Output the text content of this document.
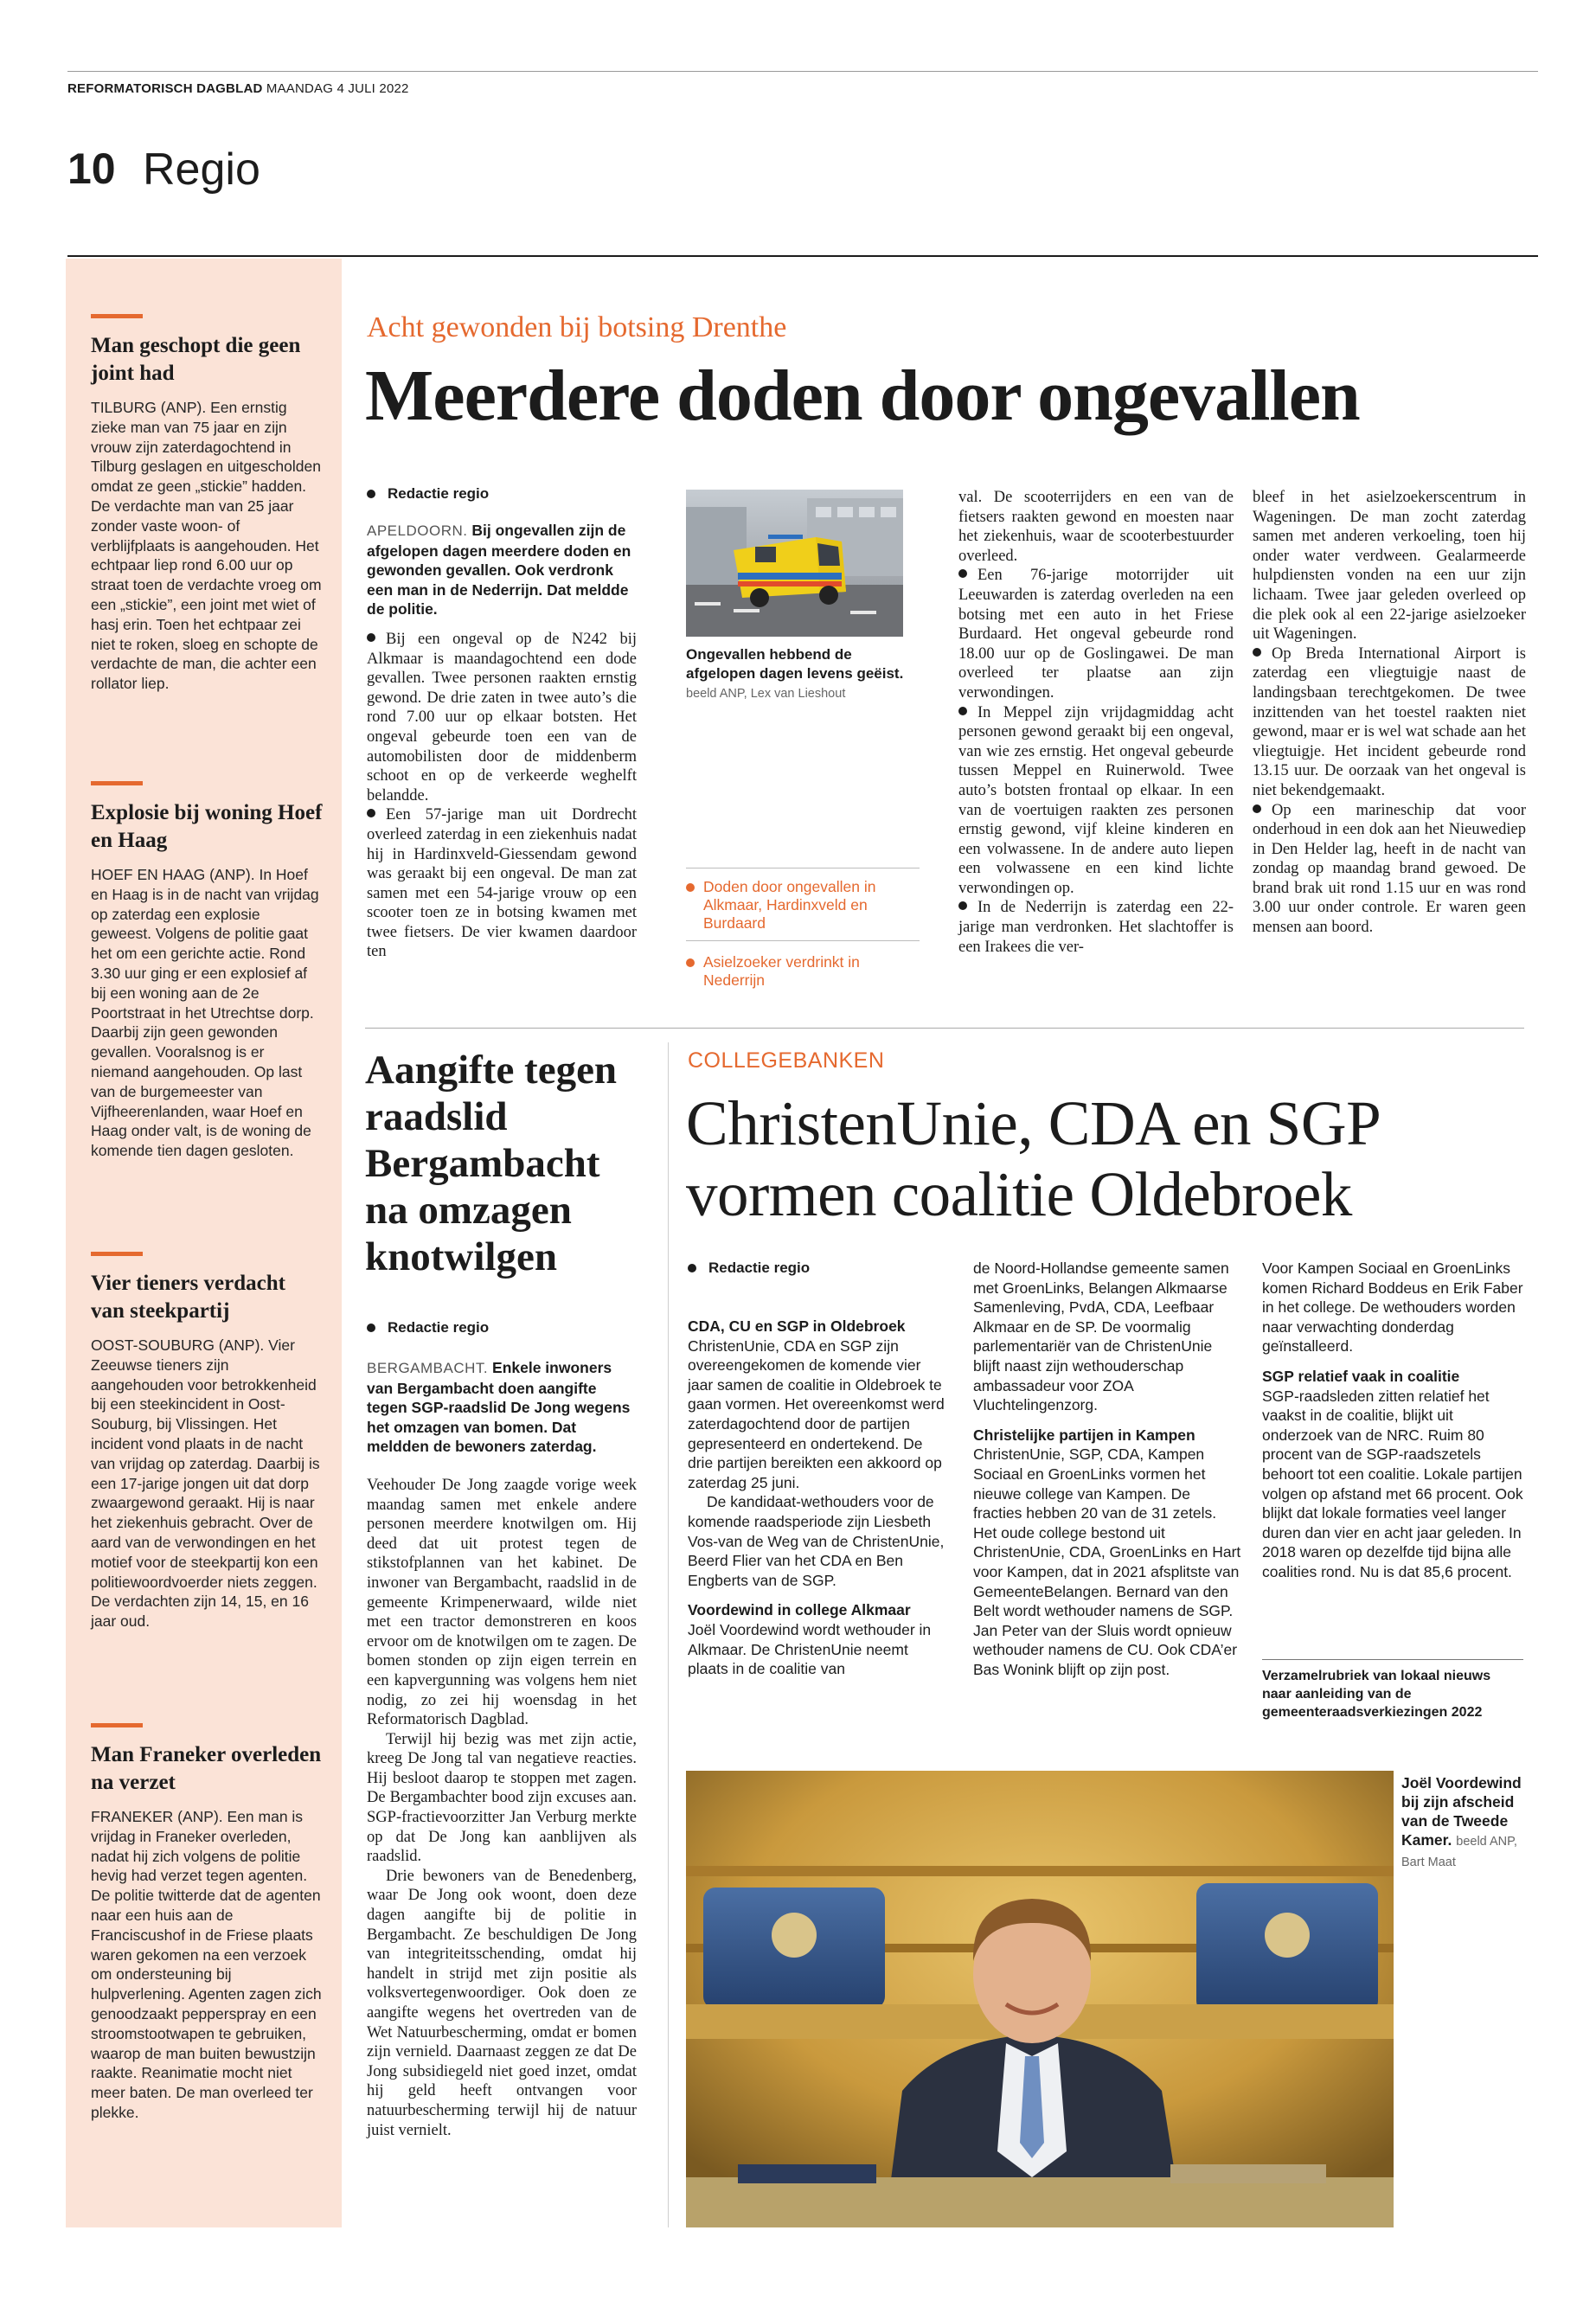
REFORMATORISCH DAGBLAD MAANDAG 4 JULI 2022
10 Regio
Man geschopt die geen joint had
TILBURG (ANP). Een ernstig zieke man van 75 jaar en zijn vrouw zijn zaterdagochtend in Tilburg geslagen en uitgescholden omdat ze geen „stickie” hadden. De verdachte man van 25 jaar zonder vaste woon- of verblijfplaats is aangehouden. Het echtpaar liep rond 6.00 uur op straat toen de verdachte vroeg om een „stickie”, een joint met wiet of hasj erin. Toen het echtpaar zei niet te roken, sloeg en schopte de verdachte de man, die achter een rollator liep.
Explosie bij woning Hoef en Haag
HOEF EN HAAG (ANP). In Hoef en Haag is in de nacht van vrijdag op zaterdag een explosie geweest. Volgens de politie gaat het om een gerichte actie. Rond 3.30 uur ging er een explosief af bij een woning aan de 2e Poortstraat in het Utrechtse dorp. Daarbij zijn geen gewonden gevallen. Vooralsnog is er niemand aangehouden. Op last van de burgemeester van Vijfheerenlanden, waar Hoef en Haag onder valt, is de woning de komende tien dagen gesloten.
Vier tieners verdacht van steekpartij
OOST-SOUBURG (ANP). Vier Zeeuwse tieners zijn aangehouden voor betrokkenheid bij een steekincident in Oost-Souburg, bij Vlissingen. Het incident vond plaats in de nacht van vrijdag op zaterdag. Daarbij is een 17-jarige jongen uit dat dorp zwaargewond geraakt. Hij is naar het ziekenhuis gebracht. Over de aard van de verwondingen en het motief voor de steekpartij kon een politiewoordvoerder niets zeggen. De verdachten zijn 14, 15, en 16 jaar oud.
Man Franeker overleden na verzet
FRANEKER (ANP). Een man is vrijdag in Franeker overleden, nadat hij zich volgens de politie hevig had verzet tegen agenten. De politie twitterde dat de agenten naar een huis aan de Franciscushof in de Friese plaats waren gekomen na een verzoek om ondersteuning bij hulpverlening. Agenten zagen zich genoodzaakt pepperspray en een stroomstootwapen te gebruiken, waarop de man buiten bewustzijn raakte. Reanimatie mocht niet meer baten. De man overleed ter plekke.
Acht gewonden bij botsing Drenthe
Meerdere doden door ongevallen
Redactie regio

APELDOORN. Bij ongevallen zijn de afgelopen dagen meerdere doden en gewonden gevallen. Ook verdronk een man in de Nederrijn. Dat meldde de politie.

Bij een ongeval op de N242 bij Alkmaar is maandagochtend een dode gevallen. Twee personen raakten ernstig gewond. De drie zaten in twee auto’s die rond 7.00 uur op elkaar botsten. Het ongeval gebeurde toen een van de automobilisten door de middenberm schoot en op de verkeerde weghelft belandde.

Een 57-jarige man uit Dordrecht overleed zaterdag in een ziekenhuis nadat hij in Hardinxveld-Giessendam gewond was geraakt bij een ongeval. De man zat samen met een 54-jarige vrouw op een scooter toen ze in botsing kwamen met twee fietsers. De vier kwamen daardoor ten

Ongevallen hebbend de afgelopen dagen levens geëist. beeld ANP, Lex van Lieshout
Doden door ongevallen in Alkmaar, Hardinxveld en Burdaard
Asielzoeker verdrinkt in Nederrijn

val. De scooterrijders en een van de fietsers raakten gewond en moesten naar het ziekenhuis, waar de scooterbestuurder overleed.

Een 76-jarige motorrijder uit Leeuwarden is zaterdag overleden na een botsing met een auto in het Friese Burdaard. Het ongeval gebeurde rond 18.00 uur op de Goslingawei. De man overleed ter plaatse aan zijn verwondingen.

In Meppel zijn vrijdagmiddag acht personen gewond geraakt bij een ongeval, van wie zes ernstig. Het ongeval gebeurde tussen Meppel en Ruinerwold. Twee auto’s botsten frontaal op elkaar. In een van de voertuigen raakten zes personen ernstig gewond, vijf kleine kinderen en een volwassene. In de andere auto liepen een volwassene en een kind lichte verwondingen op.

In de Nederrijn is zaterdag een 22-jarige man verdronken. Het slachtoffer is een Irakees die ver-

bleef in het asielzoekerscentrum in Wageningen. De man zocht zaterdag samen met anderen verkoeling, toen hij onder water verdween. Gealarmeerde hulpdiensten vonden na een uur zijn lichaam. Twee jaar geleden overleed op die plek ook al een 22-jarige asielzoeker uit Wageningen.

Op Breda International Airport is zaterdag een vliegtuigje naast de landingsbaan terechtgekomen. De twee inzittenden van het toestel raakten niet gewond, maar er is wel wat schade aan het vliegtuigje. Het incident gebeurde rond 13.15 uur. De oorzaak van het ongeval is niet bekendgemaakt.

Op een marineschip dat voor onderhoud in een dok aan het Nieuwediep in Den Helder lag, heeft in de nacht van zondag op maandag brand gewoed. De brand brak uit rond 1.15 uur en was rond 3.00 uur onder controle. Er waren geen mensen aan boord.

Aangifte tegen raadslid Bergambacht na omzagen knotwilgen
Redactie regio

BERGAMBACHT. Enkele inwoners van Bergambacht doen aangifte tegen SGP-raadslid De Jong wegens het omzagen van bomen. Dat meldden de bewoners zaterdag.

Veehouder De Jong zaagde vorige week maandag samen met enkele andere personen meerdere knotwilgen om. Hij deed dat uit protest tegen de stikstofplannen van het kabinet. De inwoner van Bergambacht, raadslid in de gemeente Krimpenerwaard, wilde niet met een tractor demonstreren en koos ervoor om de knotwilgen om te zagen. De bomen stonden op zijn eigen terrein en een kapvergunning was volgens hem niet nodig, zo zei hij woensdag in het Reformatorisch Dagblad.

Terwijl hij bezig was met zijn actie, kreeg De Jong tal van negatieve reacties. Hij besloot daarop te stoppen met zagen. De Bergambachter bood zijn excuses aan. SGP-fractievoorzitter Jan Verburg merkte op dat De Jong kan aanblijven als raadslid.

Drie bewoners van de Benedenberg, waar De Jong ook woont, doen deze dagen aangifte bij de politie in Bergambacht. Ze beschuldigen De Jong van integriteitsschending, omdat hij handelt in strijd met zijn positie als volksvertegenwoordiger. Ook doen ze aangifte wegens het overtreden van de Wet Natuurbescherming, omdat er bomen zijn vernield. Daarnaast zeggen ze dat De Jong subsidiegeld niet goed inzet, omdat hij geld heeft ontvangen voor natuurbescherming terwijl hij de natuur juist vernielt.

COLLEGEBANKEN
ChristenUnie, CDA en SGP
vormen coalitie Oldebroek
Redactie regio

CDA, CU en SGP in Oldebroek

ChristenUnie, CDA en SGP zijn overeengekomen de komende vier jaar samen de coalitie in Oldebroek te gaan vormen. Het overeenkomst werd zaterdagochtend door de partijen gepresenteerd en ondertekend. De drie partijen bereikten een akkoord op zaterdag 25 juni.

De kandidaat-wethouders voor de komende raadsperiode zijn Liesbeth Vos-van de Weg van de ChristenUnie, Beerd Flier van het CDA en Ben Engberts van de SGP.

Voordewind in college Alkmaar

Joël Voordewind wordt wethouder in Alkmaar. De ChristenUnie neemt plaats in de coalitie van

de Noord-Hollandse gemeente samen met GroenLinks, Belangen Alkmaarse Samenleving, PvdA, CDA, Leefbaar Alkmaar en de SP. De voormalig parlementariër van de ChristenUnie blijft naast zijn wethouderschap ambassadeur voor ZOA Vluchtelingenzorg.

Christelijke partijen in Kampen

ChristenUnie, SGP, CDA, Kampen Sociaal en GroenLinks vormen het nieuwe college van Kampen. De fracties hebben 20 van de 31 zetels. Het oude college bestond uit ChristenUnie, CDA, GroenLinks en Hart voor Kampen, dat in 2021 afsplitste van GemeenteBelangen. Bernard van den Belt wordt wethouder namens de SGP. Jan Peter van der Sluis wordt opnieuw wethouder namens de CU. Ook CDA’er Bas Wonink blijft op zijn post.

Voor Kampen Sociaal en GroenLinks komen Richard Boddeus en Erik Faber in het college. De wethouders worden naar verwachting donderdag geïnstalleerd.

SGP relatief vaak in coalitie

SGP-raadsleden zitten relatief het vaakst in de coalitie, blijkt uit onderzoek van de NRC. Ruim 80 procent van de SGP-raadszetels behoort tot een coalitie. Lokale partijen volgen op afstand met 66 procent. Ook blijkt dat lokale formaties veel langer duren dan vier en acht jaar geleden. In 2018 waren op dezelfde tijd bijna alle coalities rond. Nu is dat 85,6 procent.

Verzamelrubriek van lokaal nieuws naar aanleiding van de gemeenteraadsverkiezingen 2022
Joël Voordewind bij zijn afscheid van de Tweede Kamer. beeld ANP, Bart Maat
